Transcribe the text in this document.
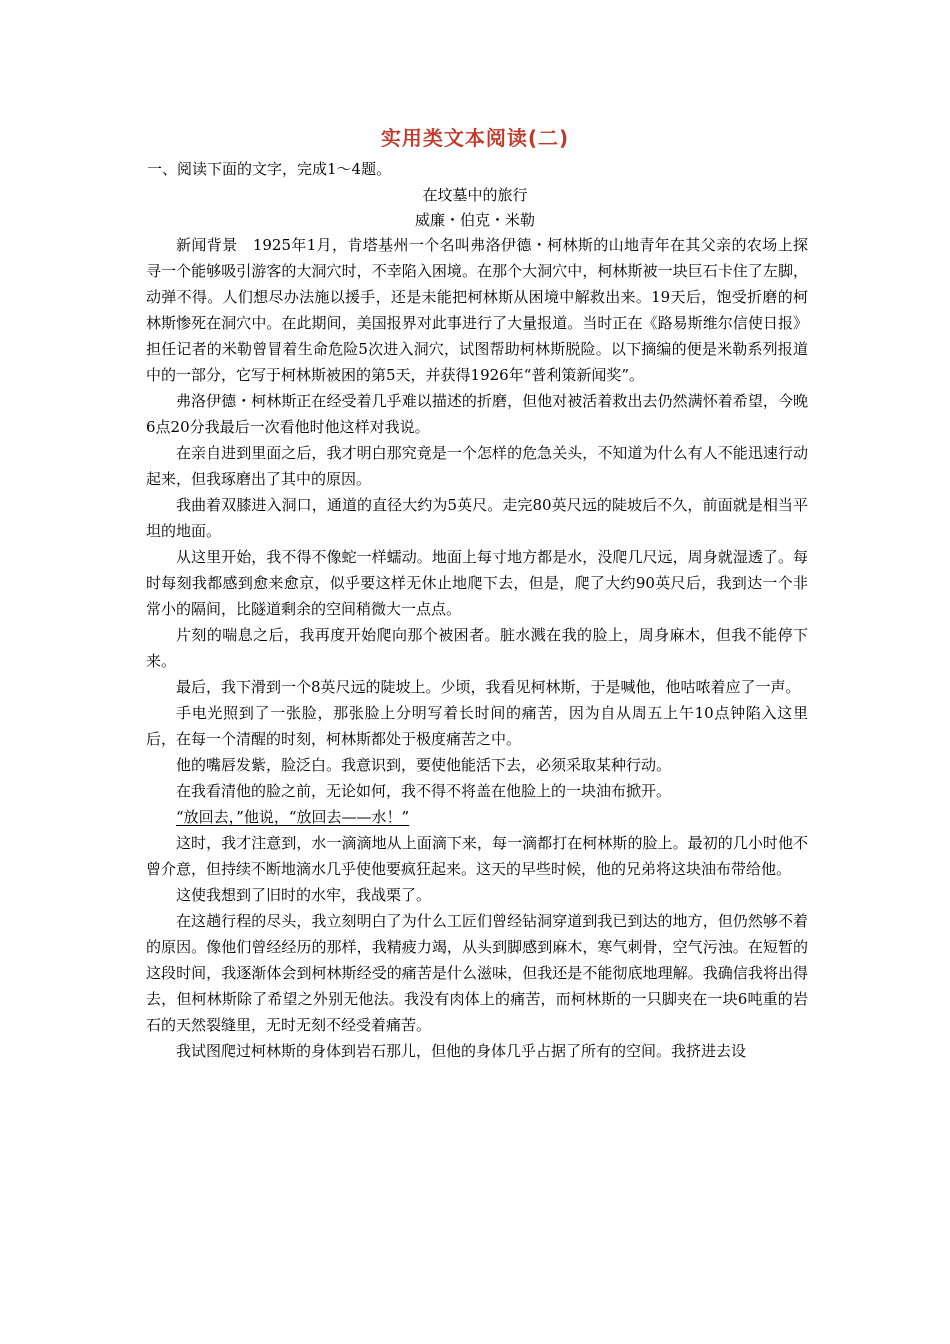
实用类文本阅读(二)
一、阅读下面的文字，完成1～4题。
在坟墓中的旅行
威廉・伯克・米勒

新闻背景　1925年1月，肯塔基州一个名叫弗洛伊德・柯林斯的山地青年在其父亲的农场上探寻一个能够吸引游客的大洞穴时，不幸陷入困境。在那个大洞穴中，柯林斯被一块巨石卡住了左脚，动弹不得。人们想尽办法施以援手，还是未能把柯林斯从困境中解救出来。19天后，饱受折磨的柯林斯惨死在洞穴中。在此期间，美国报界对此事进行了大量报道。当时正在《路易斯维尔信使日报》担任记者的米勒曾冒着生命危险5次进入洞穴，试图帮助柯林斯脱险。以下摘编的便是米勒系列报道中的一部分，它写于柯林斯被困的第5天，并获得1926年“普利策新闻奖”。

弗洛伊德・柯林斯正在经受着几乎难以描述的折磨，但他对被活着救出去仍然满怀着希望，今晚6点20分我最后一次看他时他这样对我说。

在亲自进到里面之后，我才明白那究竟是一个怎样的危急关头，不知道为什么有人不能迅速行动起来，但我琢磨出了其中的原因。

我曲着双膝进入洞口，通道的直径大约为5英尺。走完80英尺远的陡坡后不久，前面就是相当平坦的地面。

从这里开始，我不得不像蛇一样蠕动。地面上每寸地方都是水，没爬几尺远，周身就湿透了。每时每刻我都感到愈来愈京，似乎要这样无休止地爬下去，但是，爬了大约90英尺后，我到达一个非常小的隔间，比隧道剩余的空间稍微大一点点。

片刻的喘息之后，我再度开始爬向那个被困者。脏水溅在我的脸上，周身麻木，但我不能停下来。

最后，我下滑到一个8英尺远的陡坡上。少顷，我看见柯林斯，于是喊他，他咕哝着应了一声。

手电光照到了一张脸，那张脸上分明写着长时间的痛苦，因为自从周五上午10点钟陷入这里后，在每一个清醒的时刻，柯林斯都处于极度痛苦之中。

他的嘴唇发紫，脸泛白。我意识到，要使他能活下去，必须采取某种行动。

在我看清他的脸之前，无论如何，我不得不将盖在他脸上的一块油布掀开。

“放回去，”他说，“放回去——水！”

这时，我才注意到，水一滴滴地从上面滴下来，每一滴都打在柯林斯的脸上。最初的几小时他不曾介意，但持续不断地滴水几乎使他要疯狂起来。这天的早些时候，他的兄弟将这块油布带给他。

这使我想到了旧时的水牢，我战栗了。

在这趟行程的尽头，我立刻明白了为什么工匠们曾经钻洞穿道到我已到达的地方，但仍然够不着的原因。像他们曾经经历的那样，我精疲力竭，从头到脚感到麻木，寒气刺骨，空气污浊。在短暂的这段时间，我逐渐体会到柯林斯经受的痛苦是什么滋味，但我还是不能彻底地理解。我确信我将出得去，但柯林斯除了希望之外别无他法。我没有肉体上的痛苦，而柯林斯的一只脚夹在一块6吨重的岩石的天然裂缝里，无时无刻不经受着痛苦。

我试图爬过柯林斯的身体到岩石那儿，但他的身体几乎占据了所有的空间。我挤进去设
